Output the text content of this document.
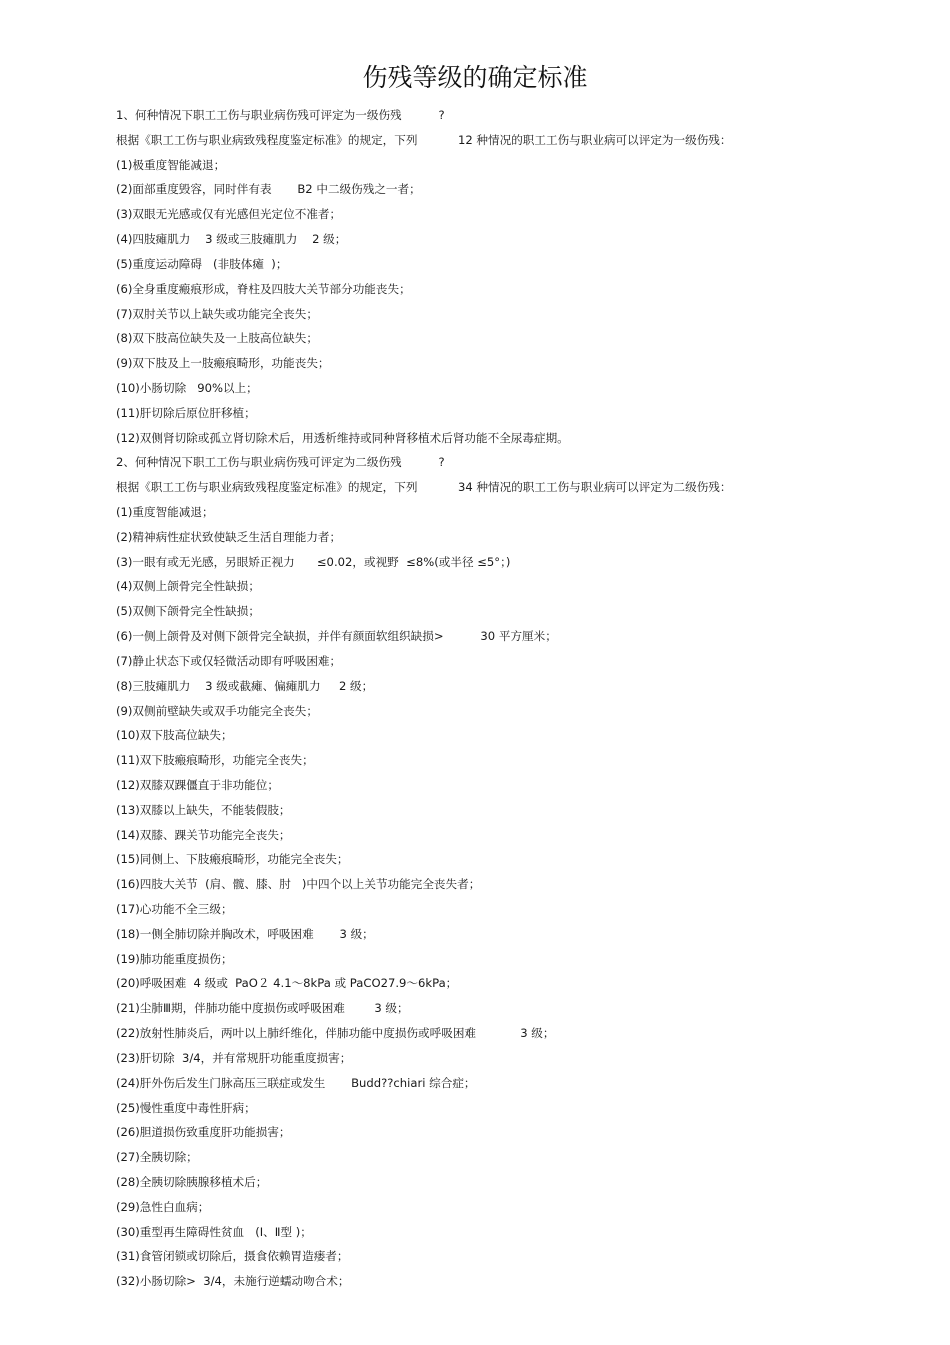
伤残等级的确定标准
1、何种情况下职工工伤与职业病伤残可评定为一级伤残          ?
根据《职工工伤与职业病致残程度鉴定标准》的规定，下列           12 种情况的职工工伤与职业病可以评定为一级伤残：
(1)极重度智能减退；
(2)面部重度毁容，同时伴有表       B2 中二级伤残之一者；
(3)双眼无光感或仅有光感但光定位不准者；
(4)四肢瘫肌力    3 级或三肢瘫肌力    2 级；
(5)重度运动障碍   (非肢体瘫  )；
(6)全身重度瘢痕形成，脊柱及四肢大关节部分功能丧失；
(7)双肘关节以上缺失或功能完全丧失；
(8)双下肢高位缺失及一上肢高位缺失；
(9)双下肢及上一肢瘢痕畸形，功能丧失；
(10)小肠切除   90%以上；
(11)肝切除后原位肝移植；
(12)双侧肾切除或孤立肾切除术后，用透析维持或同种肾移植术后肾功能不全尿毒症期。
2、何种情况下职工工伤与职业病伤残可评定为二级伤残          ?
根据《职工工伤与职业病致残程度鉴定标准》的规定，下列           34 种情况的职工工伤与职业病可以评定为二级伤残：
(1)重度智能减退；
(2)精神病性症状致使缺乏生活自理能力者；
(3)一眼有或无光感，另眼矫正视力      ≤0.02，或视野  ≤8%(或半径 ≤5°；)
(4)双侧上颌骨完全性缺损；
(5)双侧下颌骨完全性缺损；
(6)一侧上颌骨及对侧下颌骨完全缺损，并伴有颜面软组织缺损>          30 平方厘米；
(7)静止状态下或仅轻微活动即有呼吸困难；
(8)三肢瘫肌力    3 级或截瘫、偏瘫肌力     2 级；
(9)双侧前壁缺失或双手功能完全丧失；
(10)双下肢高位缺失；
(11)双下肢瘢痕畸形，功能完全丧失；
(12)双膝双踝僵直于非功能位；
(13)双膝以上缺失，不能装假肢；
(14)双膝、踝关节功能完全丧失；
(15)同侧上、下肢瘢痕畸形，功能完全丧失；
(16)四肢大关节  (肩、髋、膝、肘   )中四个以上关节功能完全丧失者；
(17)心功能不全三级；
(18)一侧全肺切除并胸改术，呼吸困难       3 级；
(19)肺功能重度损伤；
(20)呼吸困难  4 级或  PaO２ 4.1～8kPa 或 PaCO27.9～6kPa；
(21)尘肺Ⅲ期，伴肺功能中度损伤或呼吸困难        3 级；
(22)放射性肺炎后，两叶以上肺纤维化，伴肺功能中度损伤或呼吸困难            3 级；
(23)肝切除  3/4，并有常规肝功能重度损害；
(24)肝外伤后发生门脉高压三联症或发生       Budd??chiari 综合症；
(25)慢性重度中毒性肝病；
(26)胆道损伤致重度肝功能损害；
(27)全胰切除；
(28)全胰切除胰腺移植术后；
(29)急性白血病；
(30)重型再生障碍性贫血   (Ⅰ、Ⅱ型 )；
(31)食管闭锁或切除后，摄食依赖胃造瘘者；
(32)小肠切除>  3/4，未施行逆蠕动吻合术；
